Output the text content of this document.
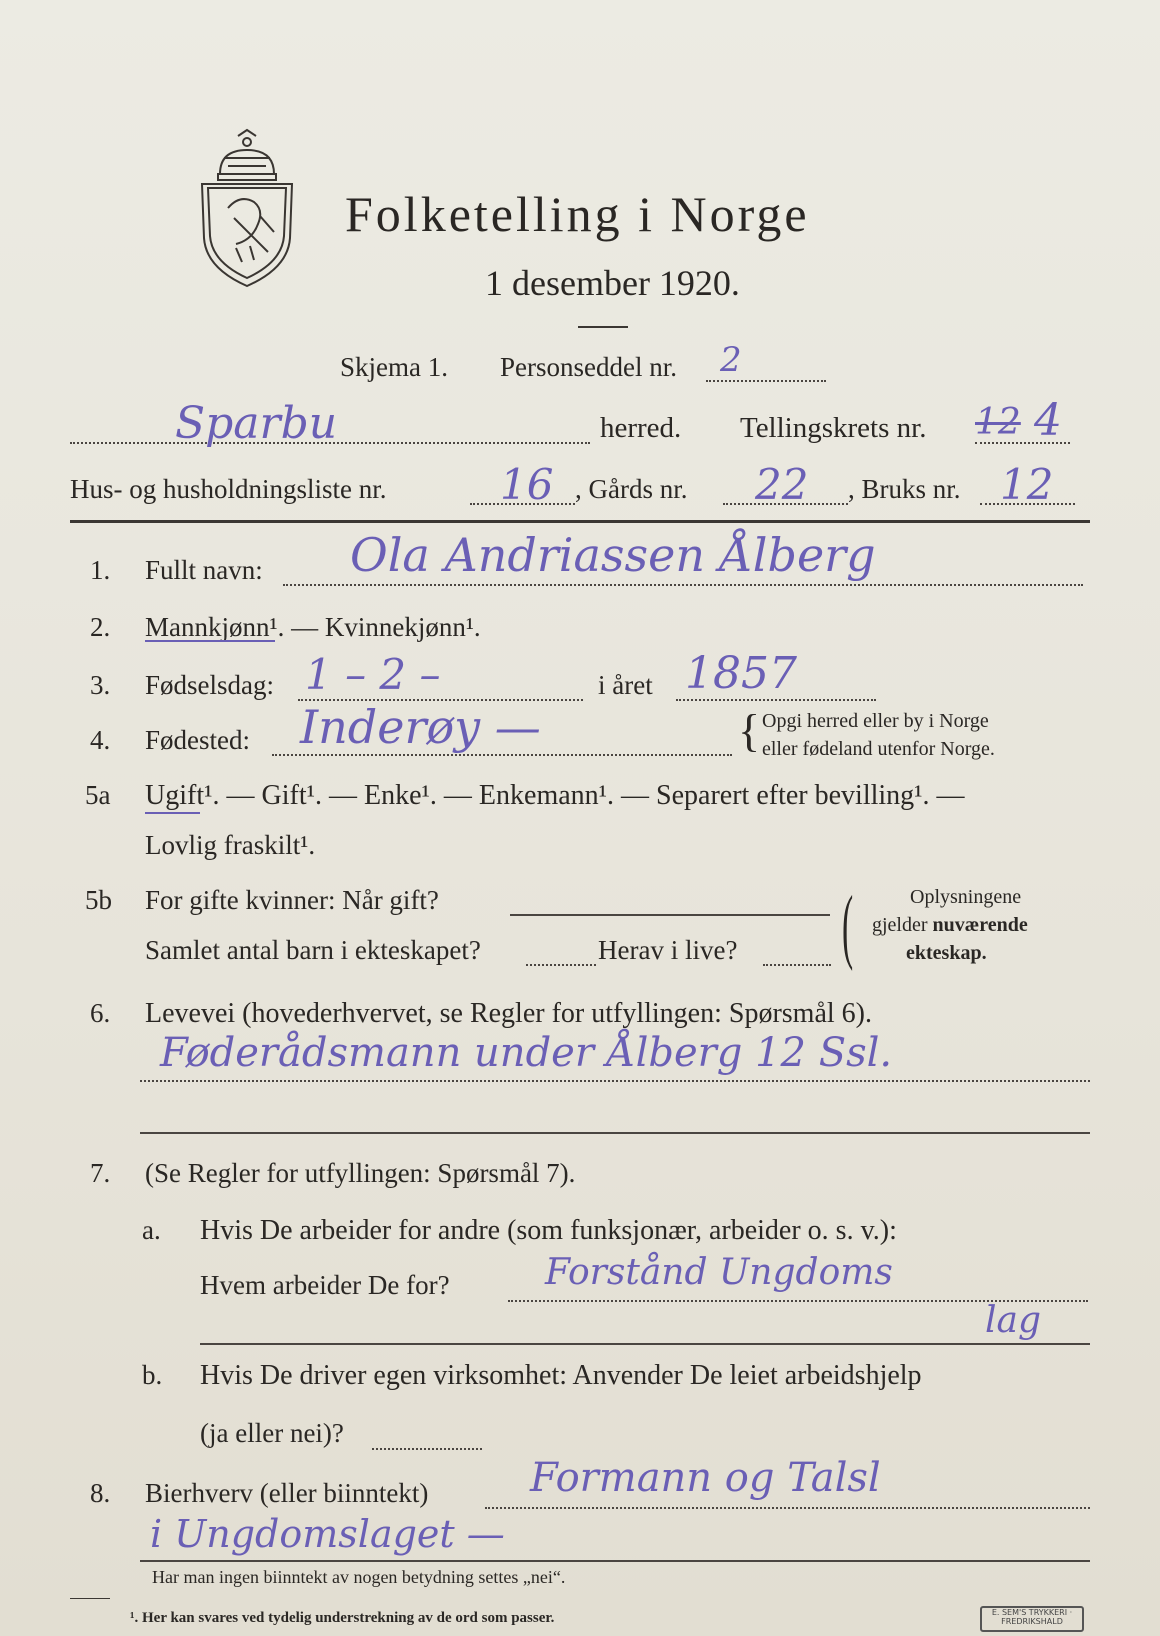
Folketelling i Norge
1 desember 1920.
Skjema 1. Personseddel nr. 2
Sparbu	herred. Tellingskrets nr. 12 4
Hus- og husholdningsliste nr.	16 , Gårds nr. 22 , Bruks nr. 12
1. Fullt navn: Ola Andriassen Ålberg
2. Mannkjønn¹. — Kvinnekjønn¹.
3. Fødselsdag: 1 – 2 –	i året 1857
4. Fødested: Inderøy —	{ Opgi herred eller by i Norge
eller fødeland utenfor Norge.
5a Ugift¹. — Gift¹. — Enke¹. — Enkemann¹. — Separert efter bevilling¹. —
Lovlig fraskilt¹.
5b For gifte kvinner: Når gift?
Samlet antal barn i ekteskapet?	Herav i live? (	Oplysningene
gjelder nuværende
ekteskap.
6. Levevei (hovederhvervet, se Regler for utfyllingen: Spørsmål 6).
Føderådsmann under Ålberg 12 Ssl.
7. (Se Regler for utfyllingen: Spørsmål 7).
a. Hvis De arbeider for andre (som funksjonær, arbeider o. s. v.):
Hvem arbeider De for?	Forstånd Ungdoms
lag
b. Hvis De driver egen virksomhet: Anvender De leiet arbeidshjelp
(ja eller nei)?
8. Bierhverv (eller biinntekt)	Formann og Talsl
i Ungdomslaget —
Har man ingen biinntekt av nogen betydning settes „nei“.
¹. Her kan svares ved tydelig understrekning av de ord som passer.	E. SEM'S TRYKKERI · FREDRIKSHALD
